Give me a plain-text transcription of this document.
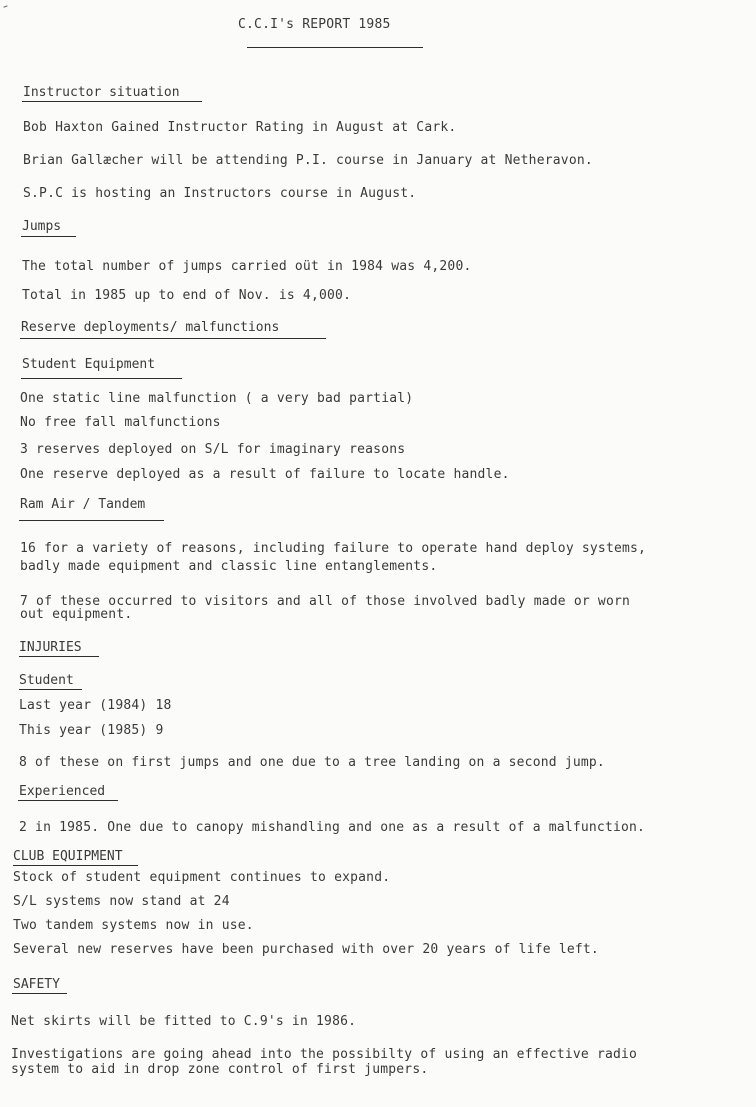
C.C.I's REPORT 1985
Instructor situation
Bob Haxton Gained Instructor Rating in August at Cark.
Brian Gallæcher will be attending P.I. course in January at Netheravon.
S.P.C is hosting an Instructors course in August.
Jumps
The total number of jumps carried oüt in 1984 was 4,200.
Total in 1985 up to end of Nov. is 4,000.
Reserve deployments/ malfunctions
Student Equipment
One static line malfunction ( a very bad partial)
No free fall malfunctions
3 reserves deployed on S/L for imaginary reasons
One reserve deployed as a result of failure to locate handle.
Ram Air / Tandem
16 for a variety of reasons, including failure to operate hand deploy systems,
badly made equipment and classic line entanglements.
7 of these occurred to visitors and all of those involved badly made or worn
out equipment.
INJURIES
Student
Last year (1984) 18
This year (1985) 9
8 of these on first jumps and one due to a tree landing on a second jump.
Experienced
2 in 1985. One due to canopy mishandling and one as a result of a malfunction.
CLUB EQUIPMENT
Stock of student equipment continues to expand.
S/L systems now stand at 24
Two tandem systems now in use.
Several new reserves have been purchased with over 20 years of life left.
SAFETY
Net skirts will be fitted to C.9's in 1986.
Investigations are going ahead into the possibilty of using an effective radio
system to aid in drop zone control of first jumpers.
